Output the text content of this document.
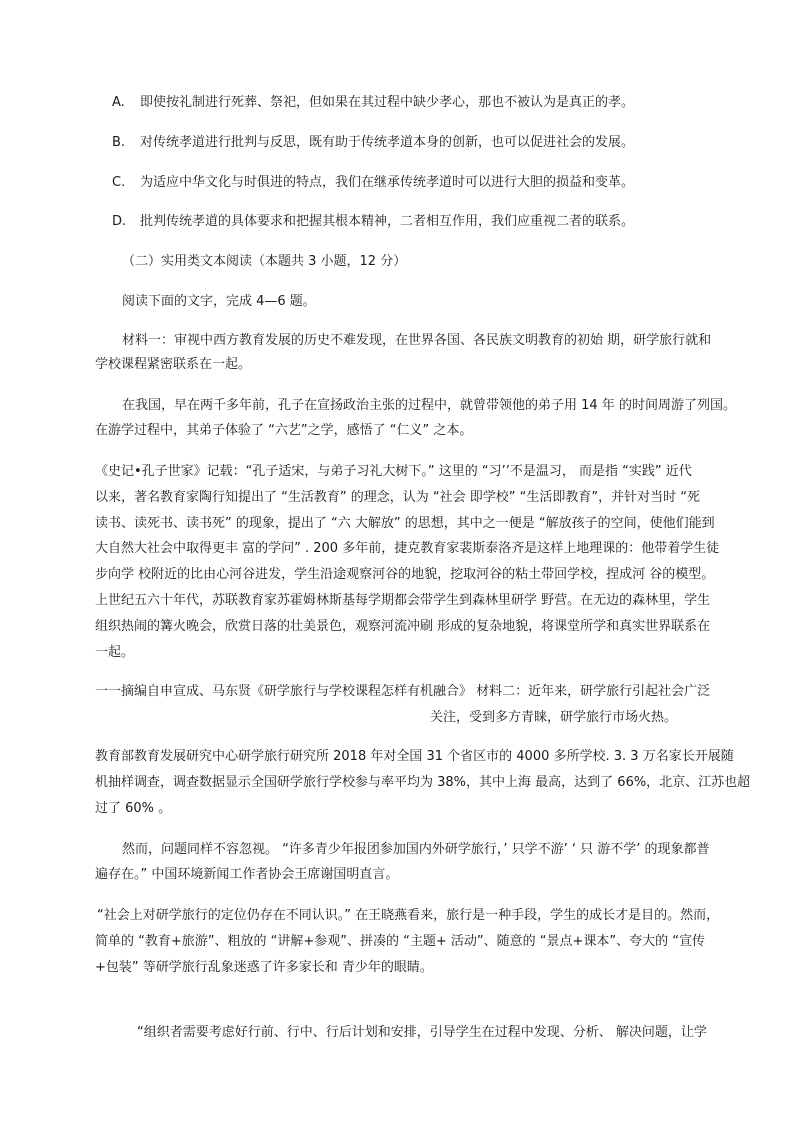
A. 即使按礼制进行死葬、祭祀，但如果在其过程中缺少孝心，那也不被认为是真正的孝。
B. 对传统孝道进行批判与反思，既有助于传统孝道本身的创新，也可以促进社会的发展。
C. 为适应中华文化与时俱进的特点，我们在继承传统孝道时可以进行大胆的损益和变革。
D. 批判传统孝道的具体要求和把握其根本精神，二者相互作用，我们应重视二者的联系。
（二）实用类文本阅读（本题共 3 小题，12 分）
阅读下面的文字，完成 4—6 题。
材料一：审视中西方教育发展的历史不难发现，在世界各国、各民族文明教育的初始 期，研学旅行就和
学校课程紧密联系在一起。
在我国，早在两千多年前，孔子在宣扬政治主张的过程中，就曾带领他的弟子用 14 年 的时间周游了列国。
在游学过程中，其弟子体验了 “六艺”之学，感悟了 “仁义” 之本。
《史记•孔子世家》记载：“孔子适宋，与弟子习礼大树下。” 这里的 “习’’不是温习， 而是指 “实践” 近代
以来，著名教育家陶行知提出了 “生活教育” 的理念，认为 “社会 即学校” “生活即教育”，并针对当时 “死
读书、读死书、读书死” 的现象，提出了 “六 大解放” 的思想，其中之一便是 “解放孩子的空间，使他们能到
大自然大社会中取得更丰 富的学问” . 200 多年前，捷克教育家裴斯泰洛齐是这样上地理课的：他带着学生徒
步向学 校附近的比由心河谷进发，学生沿途观察河谷的地貌，挖取河谷的粘土带回学校，捏成河 谷的模型。
上世纪五六十年代，苏联教育家苏霍姆林斯基每学期都会带学生到森林里研学 野营。在无边的森林里，学生
组织热闹的篝火晚会，欣赏日落的壮美景色，观察河流冲刷 形成的复杂地貌，将课堂所学和真实世界联系在
一起。
一一摘编自申宣成、马东贤《研学旅行与学校课程怎样有机融合》 材料二：近年来，研学旅行引起社会广泛
关注，受到多方青睐，研学旅行市场火热。
教育部教育发展研究中心研学旅行研究所 2018 年对全国 31 个省区市的 4000 多所学校. 3. 3 万名家长开展随
机抽样调查，调查数据显示全国研学旅行学校参与率平均为 38%，其中上海 最高，达到了 66%，北京、江苏也超
过了 60% 。
然而，问题同样不容忽视。 “许多青少年报团参加国内外研学旅行，’ 只学不游’ ‘ 只 游不学’ 的现象都普
遍存在。” 中国环境新闻工作者协会王席谢国明直言。
“社会上对研学旅行的定位仍存在不同认识。” 在王晓燕看来，旅行是一种手段，学生的成长才是目的。然而，
简单的 “教育+旅游”、粗放的 “讲解+参观”、拼凑的 “主题+ 活动”、随意的 “景点+课本”、夸大的 “宣传
+包装” 等研学旅行乱象迷惑了许多家长和 青少年的眼睛。
“组织者需要考虑好行前、行中、行后计划和安排，引导学生在过程中发现、分析、 解决问题，让学
